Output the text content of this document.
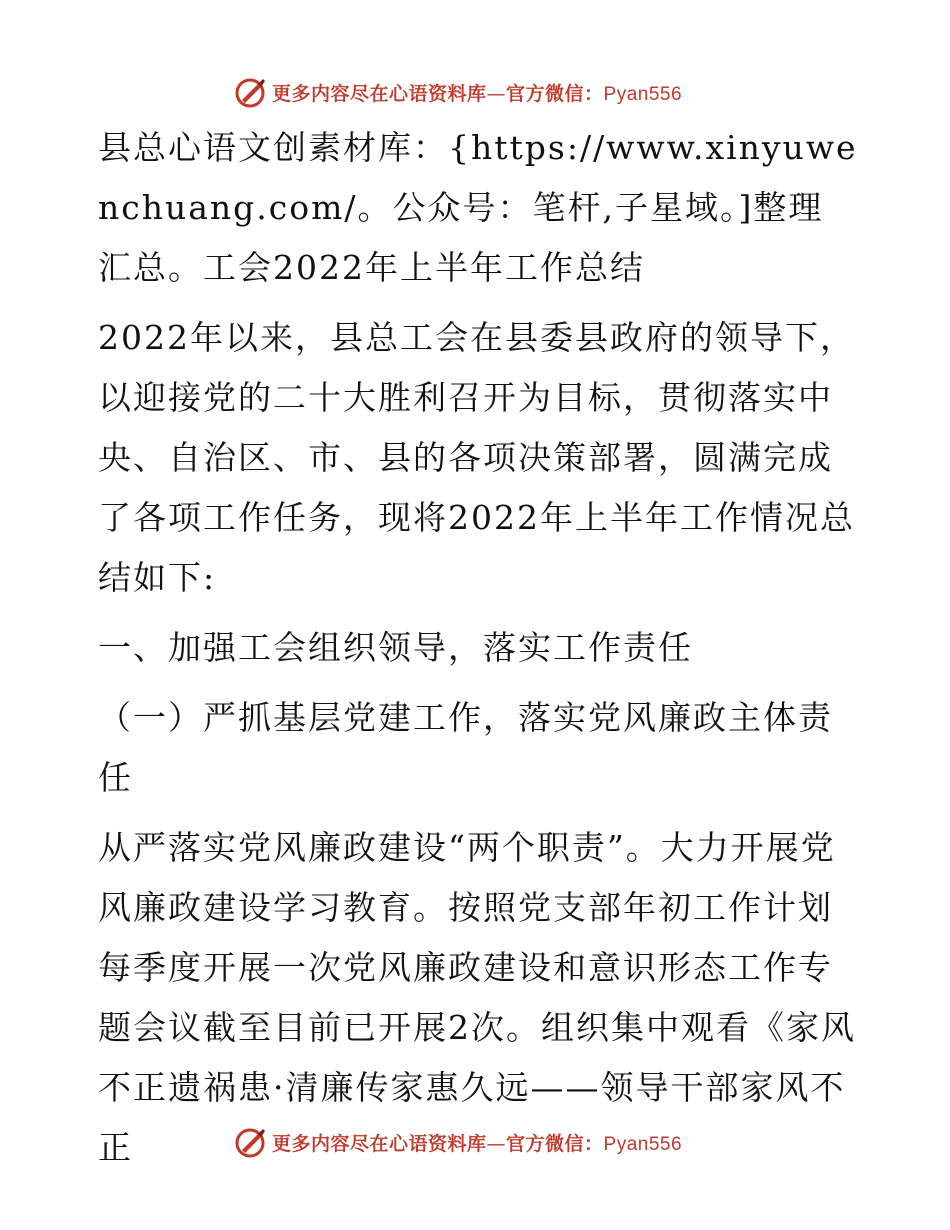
更多内容尽在心语资料库—官方微信：Pyan556

县总心语文创素材库：{https://www.xinyuwenchuang.com/。公众号：笔杆,子星域。]整理汇总。工会2022年上半年工作总结

2022年以来，县总工会在县委县政府的领导下，以迎接党的二十大胜利召开为目标，贯彻落实中央、自治区、市、县的各项决策部署，圆满完成了各项工作任务，现将2022年上半年工作情况总结如下:

一、加强工会组织领导，落实工作责任

（一）严抓基层党建工作，落实党风廉政主体责任

从严落实党风廉政建设“两个职责”。大力开展党风廉政建设学习教育。按照党支部年初工作计划每季度开展一次党风廉政建设和意识形态工作专题会议截至目前已开展2次。组织集中观看《家风不正遗祸患·清廉传家惠久远——领导干部家风不正	更多内容尽在心语资料库—官方微信：Pyan556
